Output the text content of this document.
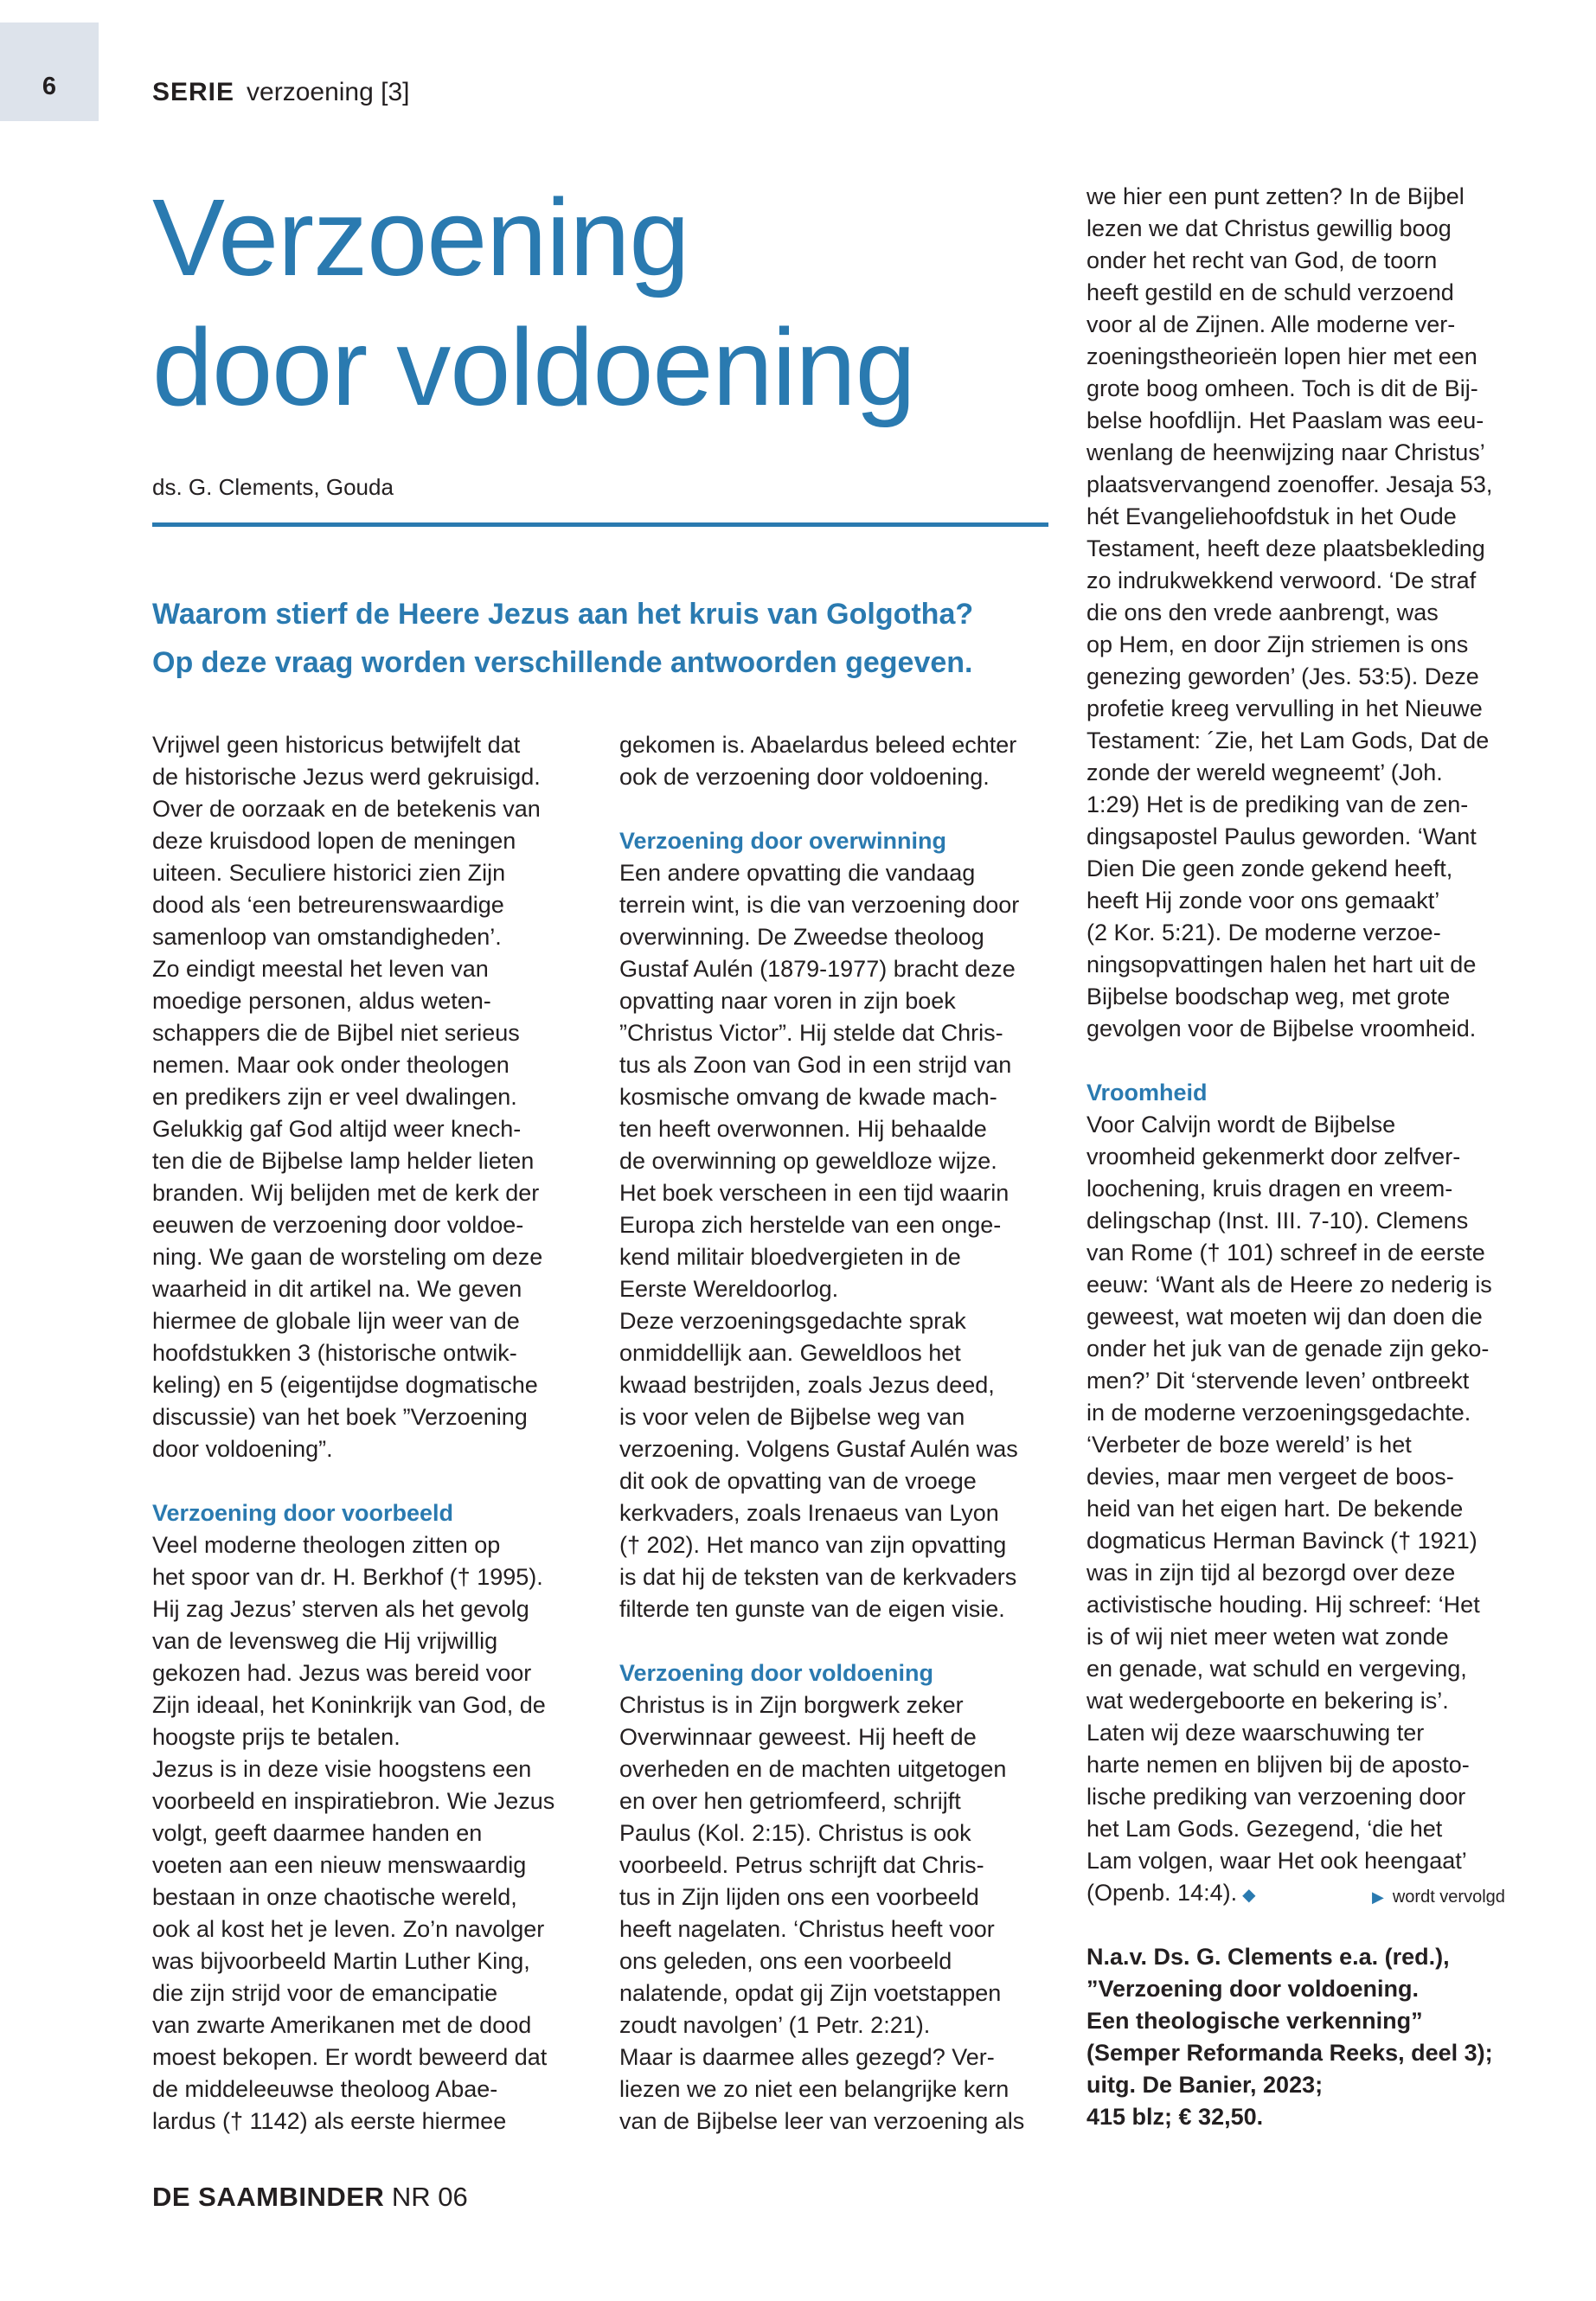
6	SERIE verzoening [3]
Verzoening
door voldoening
ds. G. Clements, Gouda

Waarom stierf de Heere Jezus aan het kruis van Golgotha?
Op deze vraag worden verschillende antwoorden gegeven.

Vrijwel geen historicus betwijfelt dat
de historische Jezus werd gekruisigd.
Over de oorzaak en de betekenis van
deze kruisdood lopen de meningen
uiteen. Seculiere historici zien Zijn
dood als ‘een betreurenswaardige
samenloop van omstandigheden’.
Zo eindigt meestal het leven van
moedige personen, aldus weten-
schappers die de Bijbel niet serieus
nemen. Maar ook onder theologen
en predikers zijn er veel dwalingen.
Gelukkig gaf God altijd weer knech-
ten die de Bijbelse lamp helder lieten
branden. Wij belijden met de kerk der
eeuwen de verzoening door voldoe-
ning. We gaan de worsteling om deze
waarheid in dit artikel na. We geven
hiermee de globale lijn weer van de
hoofdstukken 3 (historische ontwik-
keling) en 5 (eigentijdse dogmatische
discussie) van het boek ”Verzoening
door voldoening”.
Verzoening door voorbeeld
Veel moderne theologen zitten op
het spoor van dr. H. Berkhof († 1995).
Hij zag Jezus’ sterven als het gevolg
van de levensweg die Hij vrijwillig
gekozen had. Jezus was bereid voor
Zijn ideaal, het Koninkrijk van God, de
hoogste prijs te betalen.
Jezus is in deze visie hoogstens een
voorbeeld en inspiratiebron. Wie Jezus
volgt, geeft daarmee handen en
voeten aan een nieuw menswaardig
bestaan in onze chaotische wereld,
ook al kost het je leven. Zo’n navolger
was bijvoorbeeld Martin Luther King,
die zijn strijd voor de emancipatie
van zwarte Amerikanen met de dood
moest bekopen. Er wordt beweerd dat
de middeleeuwse theoloog Abae-
lardus († 1142) als eerste hiermee
gekomen is. Abaelardus beleed echter
ook de verzoening door voldoening.
Verzoening door overwinning
Een andere opvatting die vandaag
terrein wint, is die van verzoening door
overwinning. De Zweedse theoloog
Gustaf Aulén (1879-1977) bracht deze
opvatting naar voren in zijn boek
”Christus Victor”. Hij stelde dat Chris-
tus als Zoon van God in een strijd van
kosmische omvang de kwade mach-
ten heeft overwonnen. Hij behaalde
de overwinning op geweldloze wijze.
Het boek verscheen in een tijd waarin
Europa zich herstelde van een onge-
kend militair bloedvergieten in de
Eerste Wereldoorlog.
Deze verzoeningsgedachte sprak
onmiddellijk aan. Geweldloos het
kwaad bestrijden, zoals Jezus deed,
is voor velen de Bijbelse weg van
verzoening. Volgens Gustaf Aulén was
dit ook de opvatting van de vroege
kerkvaders, zoals Irenaeus van Lyon
(† 202). Het manco van zijn opvatting
is dat hij de teksten van de kerkvaders
filterde ten gunste van de eigen visie.
Verzoening door voldoening
Christus is in Zijn borgwerk zeker
Overwinnaar geweest. Hij heeft de
overheden en de machten uitgetogen
en over hen getriomfeerd, schrijft
Paulus (Kol. 2:15). Christus is ook
voorbeeld. Petrus schrijft dat Chris-
tus in Zijn lijden ons een voorbeeld
heeft nagelaten. ‘Christus heeft voor
ons geleden, ons een voorbeeld
nalatende, opdat gij Zijn voetstappen
zoudt navolgen’ (1 Petr. 2:21).
Maar is daarmee alles gezegd? Ver-
liezen we zo niet een belangrijke kern
van de Bijbelse leer van verzoening als
we hier een punt zetten? In de Bijbel
lezen we dat Christus gewillig boog
onder het recht van God, de toorn
heeft gestild en de schuld verzoend
voor al de Zijnen. Alle moderne ver-
zoeningstheorieën lopen hier met een
grote boog omheen. Toch is dit de Bij-
belse hoofdlijn. Het Paaslam was eeu-
wenlang de heenwijzing naar Christus’
plaatsvervangend zoenoffer. Jesaja 53,
hét Evangeliehoofdstuk in het Oude
Testament, heeft deze plaatsbekleding
zo indrukwekkend verwoord. ‘De straf
die ons den vrede aanbrengt, was
op Hem, en door Zijn striemen is ons
genezing geworden’ (Jes. 53:5). Deze
profetie kreeg vervulling in het Nieuwe
Testament: ´Zie, het Lam Gods, Dat de
zonde der wereld wegneemt’ (Joh.
1:29) Het is de prediking van de zen-
dingsapostel Paulus geworden. ‘Want
Dien Die geen zonde gekend heeft,
heeft Hij zonde voor ons gemaakt’
(2 Kor. 5:21). De moderne verzoe-
ningsopvattingen halen het hart uit de
Bijbelse boodschap weg, met grote
gevolgen voor de Bijbelse vroomheid.
Vroomheid
Voor Calvijn wordt de Bijbelse
vroomheid gekenmerkt door zelfver-
loochening, kruis dragen en vreem-
delingschap (Inst. III. 7-10). Clemens
van Rome († 101) schreef in de eerste
eeuw: ‘Want als de Heere zo nederig is
geweest, wat moeten wij dan doen die
onder het juk van de genade zijn geko-
men?’ Dit ‘stervende leven’ ontbreekt
in de moderne verzoeningsgedachte.
‘Verbeter de boze wereld’ is het
devies, maar men vergeet de boos-
heid van het eigen hart. De bekende
dogmaticus Herman Bavinck († 1921)
was in zijn tijd al bezorgd over deze
activistische houding. Hij schreef: ‘Het
is of wij niet meer weten wat zonde
en genade, wat schuld en vergeving,
wat wedergeboorte en bekering is’.
Laten wij deze waarschuwing ter
harte nemen en blijven bij de aposto-
lische prediking van verzoening door
het Lam Gods. Gezegend, ‘die het
Lam volgen, waar Het ook heengaat’
(Openb. 14:4). ◆
N.a.v. Ds. G. Clements e.a. (red.),
”Verzoening door voldoening.
Een theologische verkenning”
(Semper Reformanda Reeks, deel 3);
uitg. De Banier, 2023;
415 blz; € 32,50.
▶ wordt vervolgd
DE SAAMBINDER NR 06
